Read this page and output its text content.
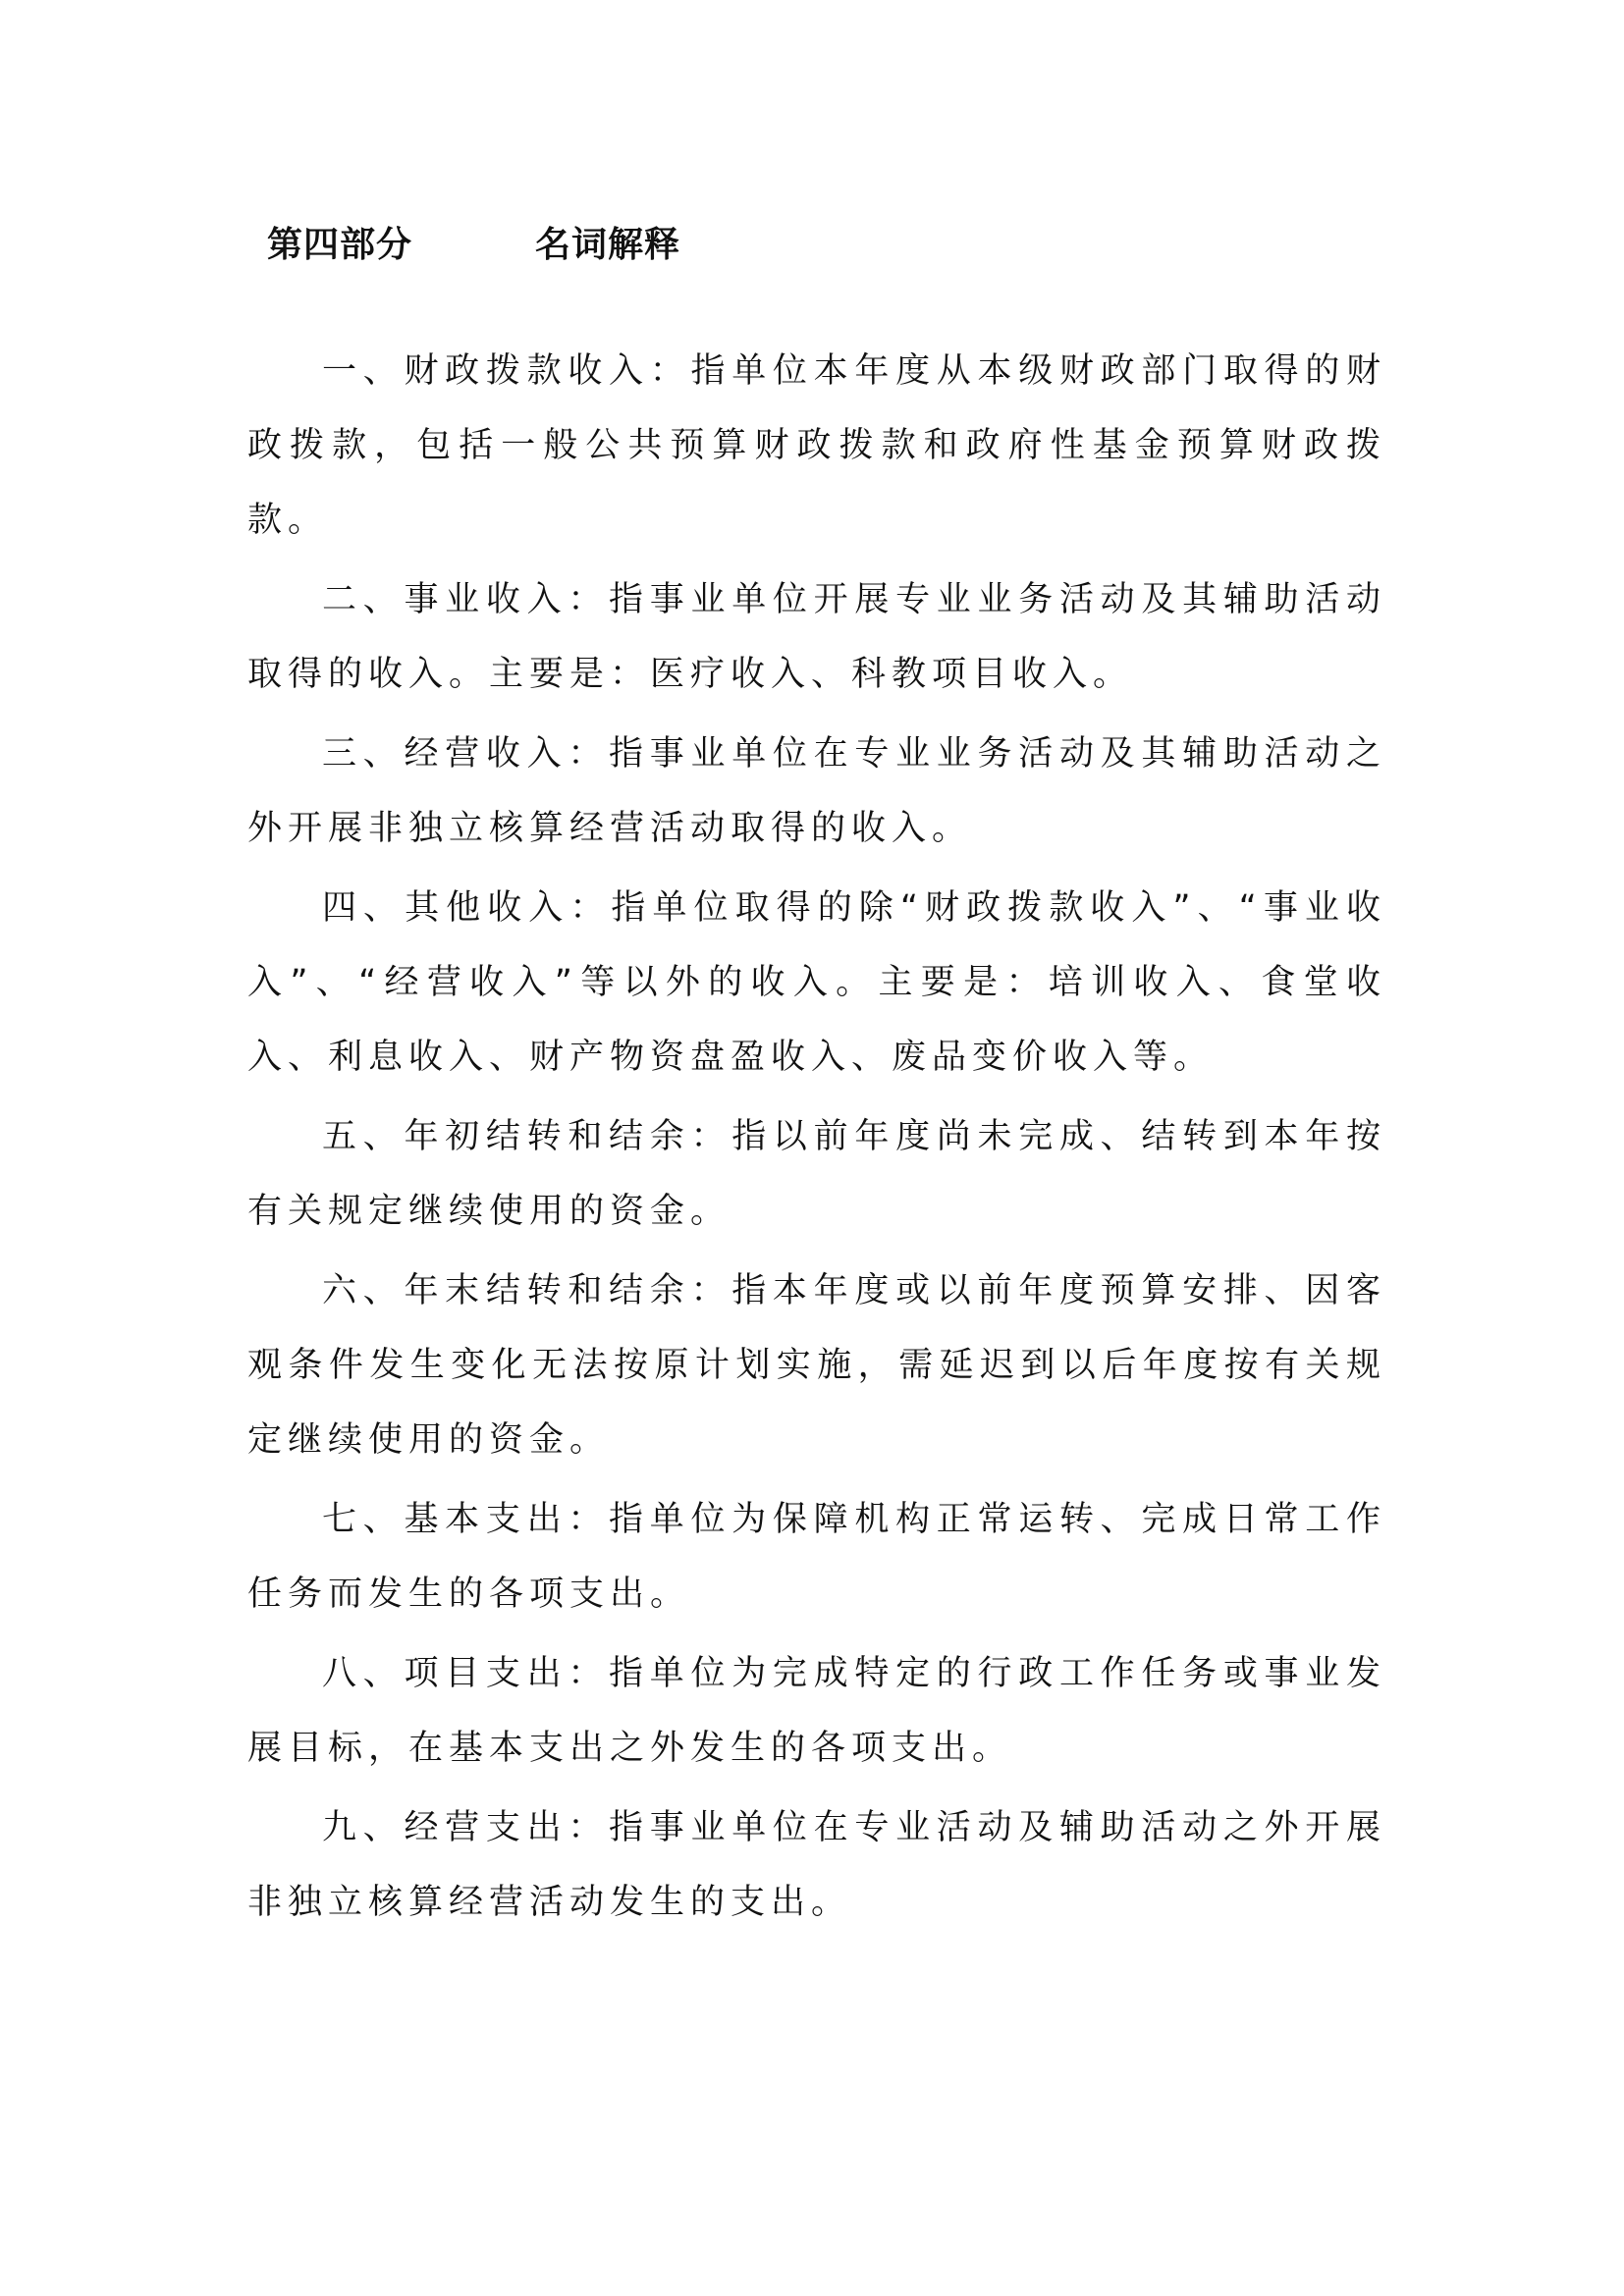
第四部分	名词解释

一、财政拨款收入：指单位本年度从本级财政部门取得的财政拨款，包括一般公共预算财政拨款和政府性基金预算财政拨款。

二、事业收入：指事业单位开展专业业务活动及其辅助活动取得的收入。主要是：医疗收入、科教项目收入。

三、经营收入：指事业单位在专业业务活动及其辅助活动之外开展非独立核算经营活动取得的收入。

四、其他收入：指单位取得的除“财政拨款收入”、“事业收入”、“经营收入”等以外的收入。主要是：培训收入、食堂收入、利息收入、财产物资盘盈收入、废品变价收入等。

五、年初结转和结余：指以前年度尚未完成、结转到本年按有关规定继续使用的资金。

六、年末结转和结余：指本年度或以前年度预算安排、因客观条件发生变化无法按原计划实施，需延迟到以后年度按有关规定继续使用的资金。

七、基本支出：指单位为保障机构正常运转、完成日常工作任务而发生的各项支出。

八、项目支出：指单位为完成特定的行政工作任务或事业发展目标，在基本支出之外发生的各项支出。

九、经营支出：指事业单位在专业活动及辅助活动之外开展非独立核算经营活动发生的支出。
